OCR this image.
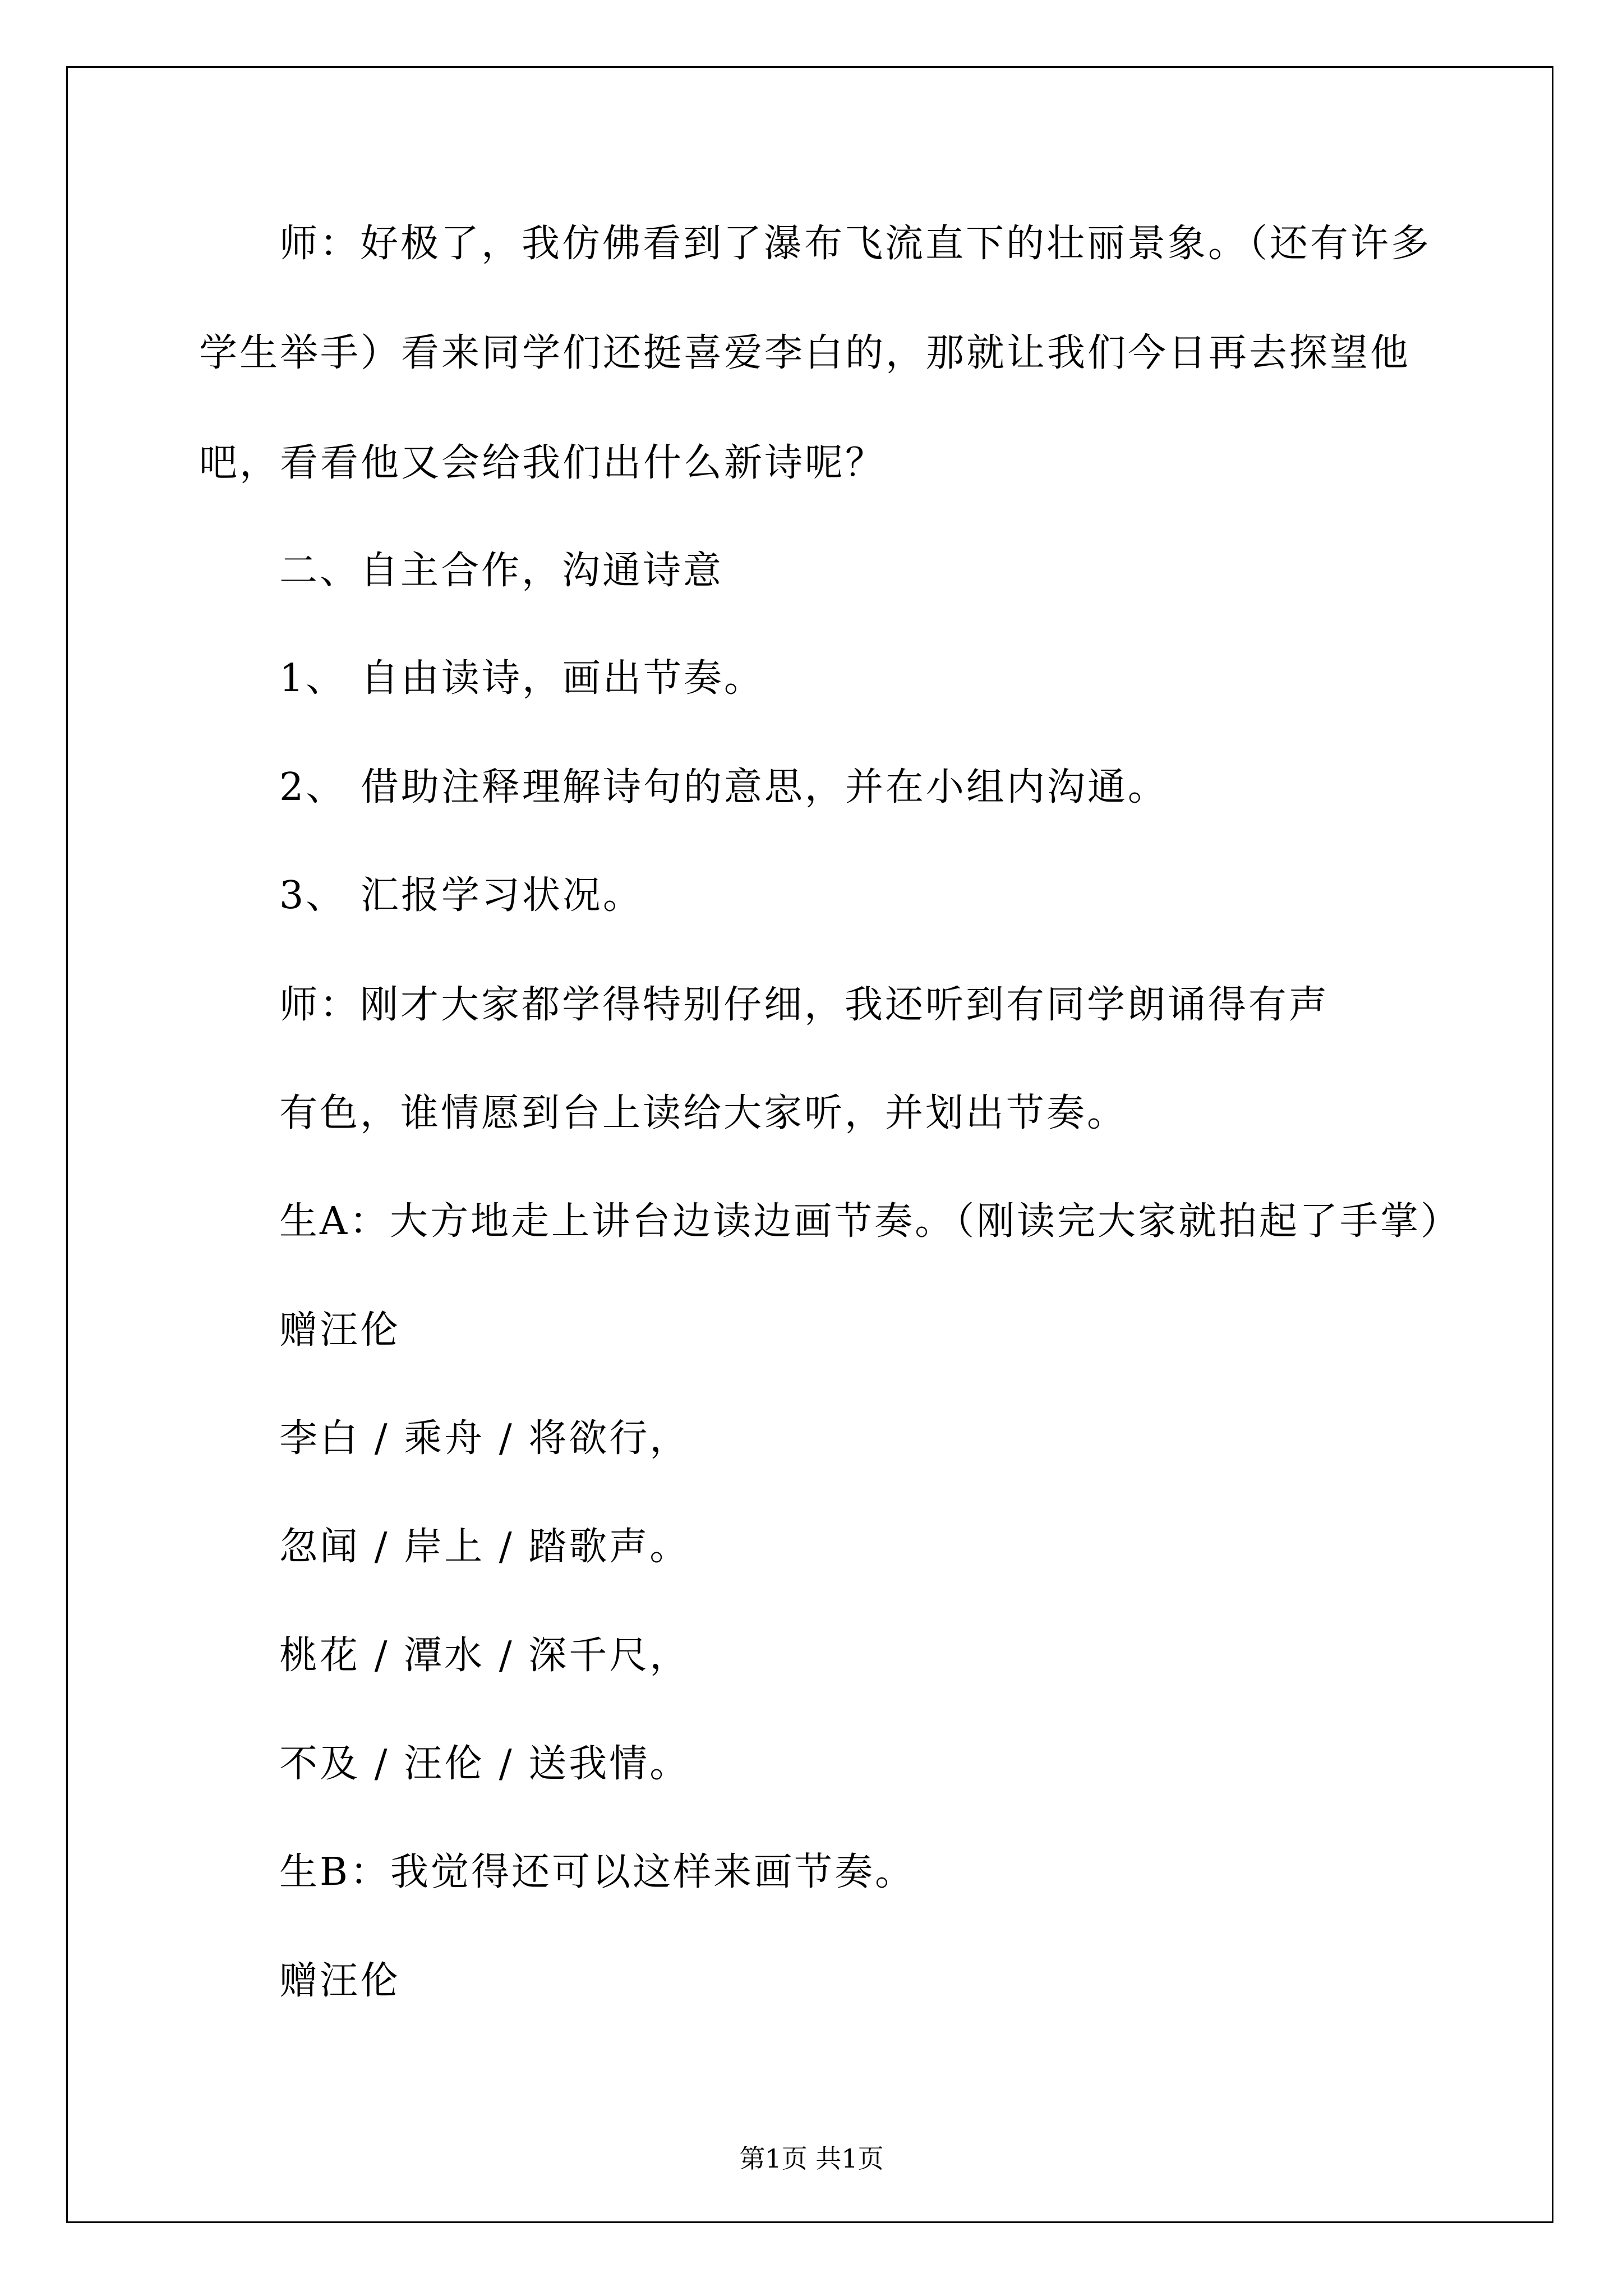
师：好极了，我仿佛看到了瀑布飞流直下的壮丽景象。（还有许多
学生举手）看来同学们还挺喜爱李白的，那就让我们今日再去探望他
吧，看看他又会给我们出什么新诗呢？
二、自主合作，沟通诗意
1、 自由读诗，画出节奏。
2、 借助注释理解诗句的意思，并在小组内沟通。
3、 汇报学习状况。
师：刚才大家都学得特别仔细，我还听到有同学朗诵得有声
有色，谁情愿到台上读给大家听，并划出节奏。
生A：大方地走上讲台边读边画节奏。（刚读完大家就拍起了手掌）
赠汪伦
李白 / 乘舟 / 将欲行，
忽闻 / 岸上 / 踏歌声。
桃花 / 潭水 / 深千尺，
不及 / 汪伦 / 送我情。
生B：我觉得还可以这样来画节奏。
赠汪伦
第1页 共1页
